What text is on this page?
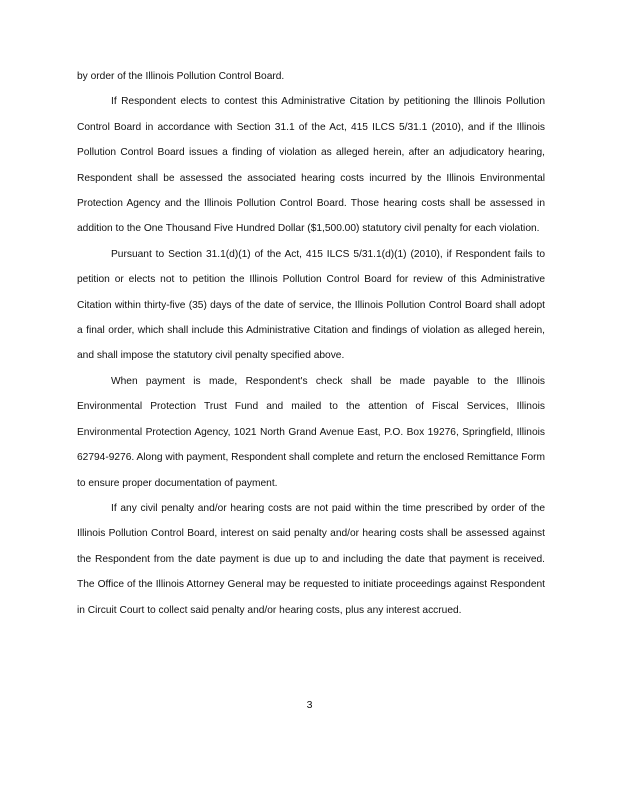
by order of the Illinois Pollution Control Board.

If Respondent elects to contest this Administrative Citation by petitioning the Illinois Pollution Control Board in accordance with Section 31.1 of the Act, 415 ILCS 5/31.1 (2010), and if the Illinois Pollution Control Board issues a finding of violation as alleged herein, after an adjudicatory hearing, Respondent shall be assessed the associated hearing costs incurred by the Illinois Environmental Protection Agency and the Illinois Pollution Control Board. Those hearing costs shall be assessed in addition to the One Thousand Five Hundred Dollar ($1,500.00) statutory civil penalty for each violation.

Pursuant to Section 31.1(d)(1) of the Act, 415 ILCS 5/31.1(d)(1) (2010), if Respondent fails to petition or elects not to petition the Illinois Pollution Control Board for review of this Administrative Citation within thirty-five (35) days of the date of service, the Illinois Pollution Control Board shall adopt a final order, which shall include this Administrative Citation and findings of violation as alleged herein, and shall impose the statutory civil penalty specified above.

When payment is made, Respondent's check shall be made payable to the Illinois Environmental Protection Trust Fund and mailed to the attention of Fiscal Services, Illinois Environmental Protection Agency, 1021 North Grand Avenue East, P.O. Box 19276, Springfield, Illinois 62794-9276. Along with payment, Respondent shall complete and return the enclosed Remittance Form to ensure proper documentation of payment.

If any civil penalty and/or hearing costs are not paid within the time prescribed by order of the Illinois Pollution Control Board, interest on said penalty and/or hearing costs shall be assessed against the Respondent from the date payment is due up to and including the date that payment is received. The Office of the Illinois Attorney General may be requested to initiate proceedings against Respondent in Circuit Court to collect said penalty and/or hearing costs, plus any interest accrued.

3
